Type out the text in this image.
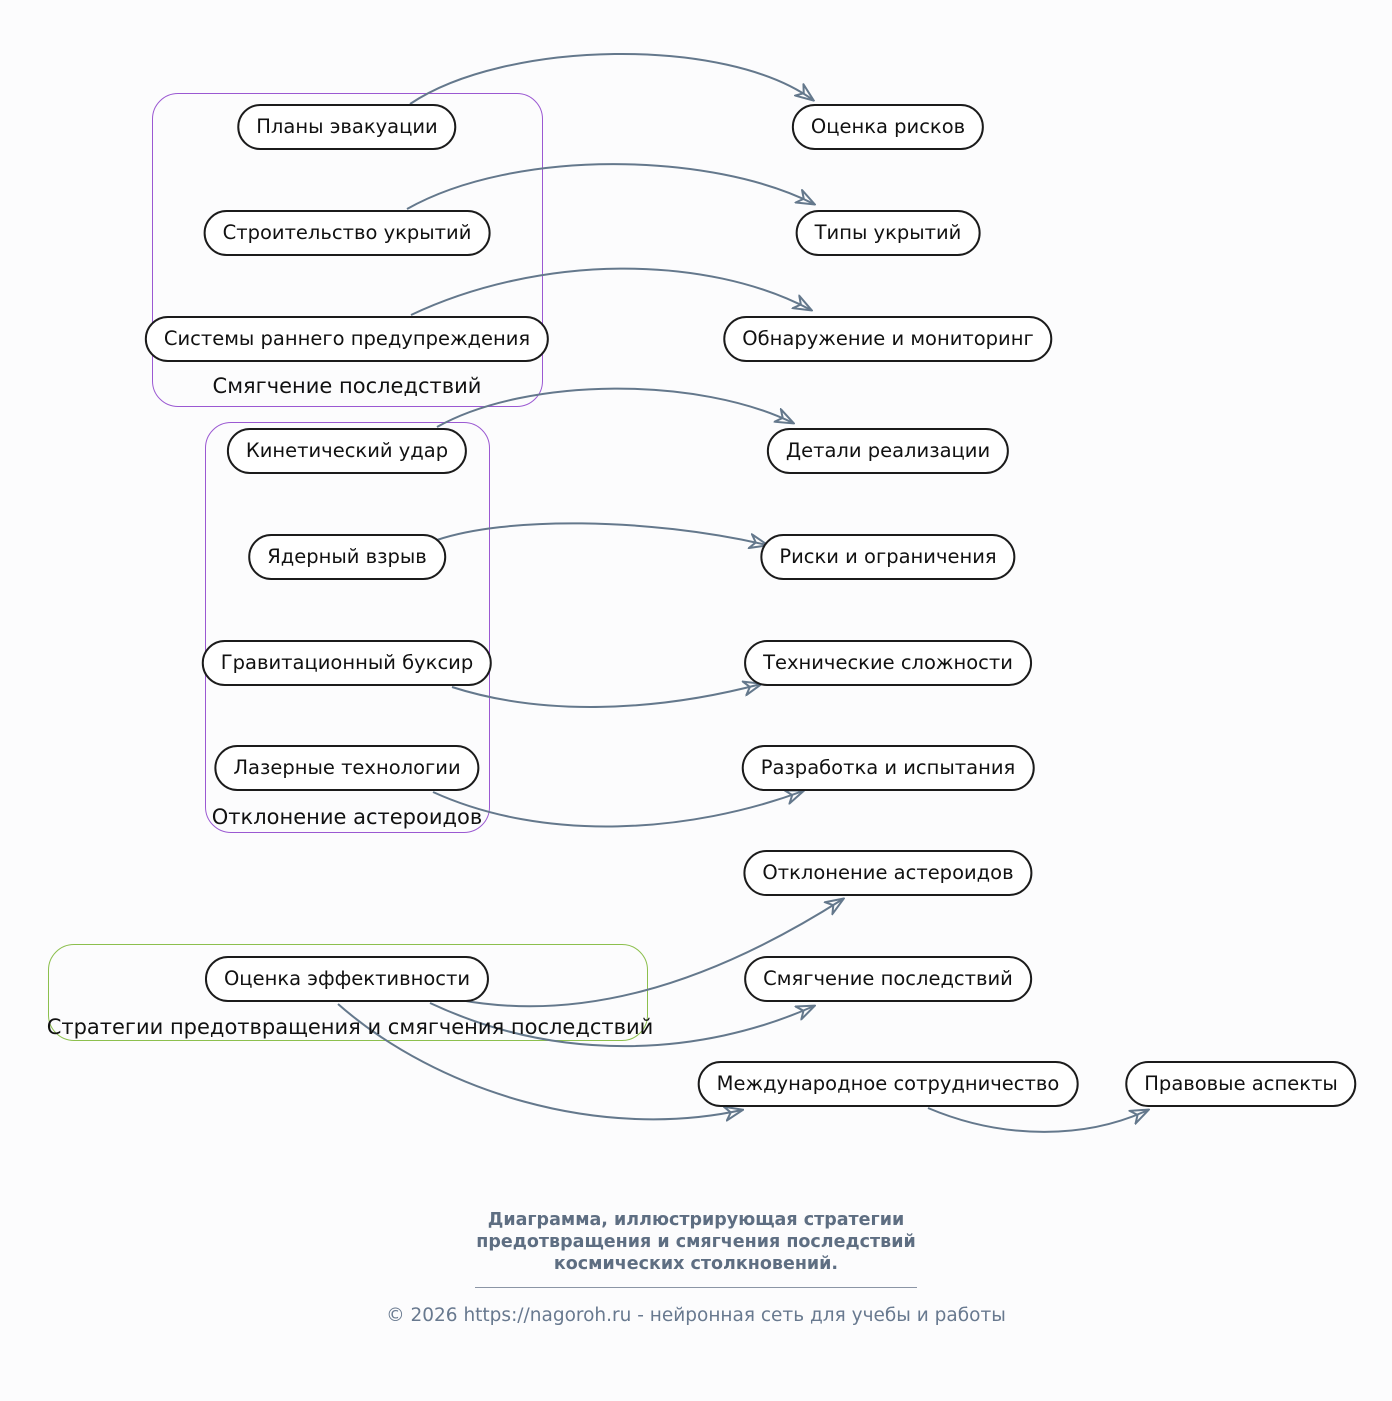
Смягчение последствий
Отклонение астероидов
Стратегии предотвращения и смягчения последствий
Планы эвакуации
Строительство укрытий
Системы раннего предупреждения
Кинетический удар
Ядерный взрыв
Гравитационный буксир
Лазерные технологии
Оценка эффективности
Оценка рисков
Типы укрытий
Обнаружение и мониторинг
Детали реализации
Риски и ограничения
Технические сложности
Разработка и испытания
Отклонение астероидов
Смягчение последствий
Международное сотрудничество	Правовые аспекты
Диаграмма, иллюстрирующая стратегии
предотвращения и смягчения последствий
космических столкновений.
© 2026 https://nagoroh.ru - нейронная сеть для учебы и работы
